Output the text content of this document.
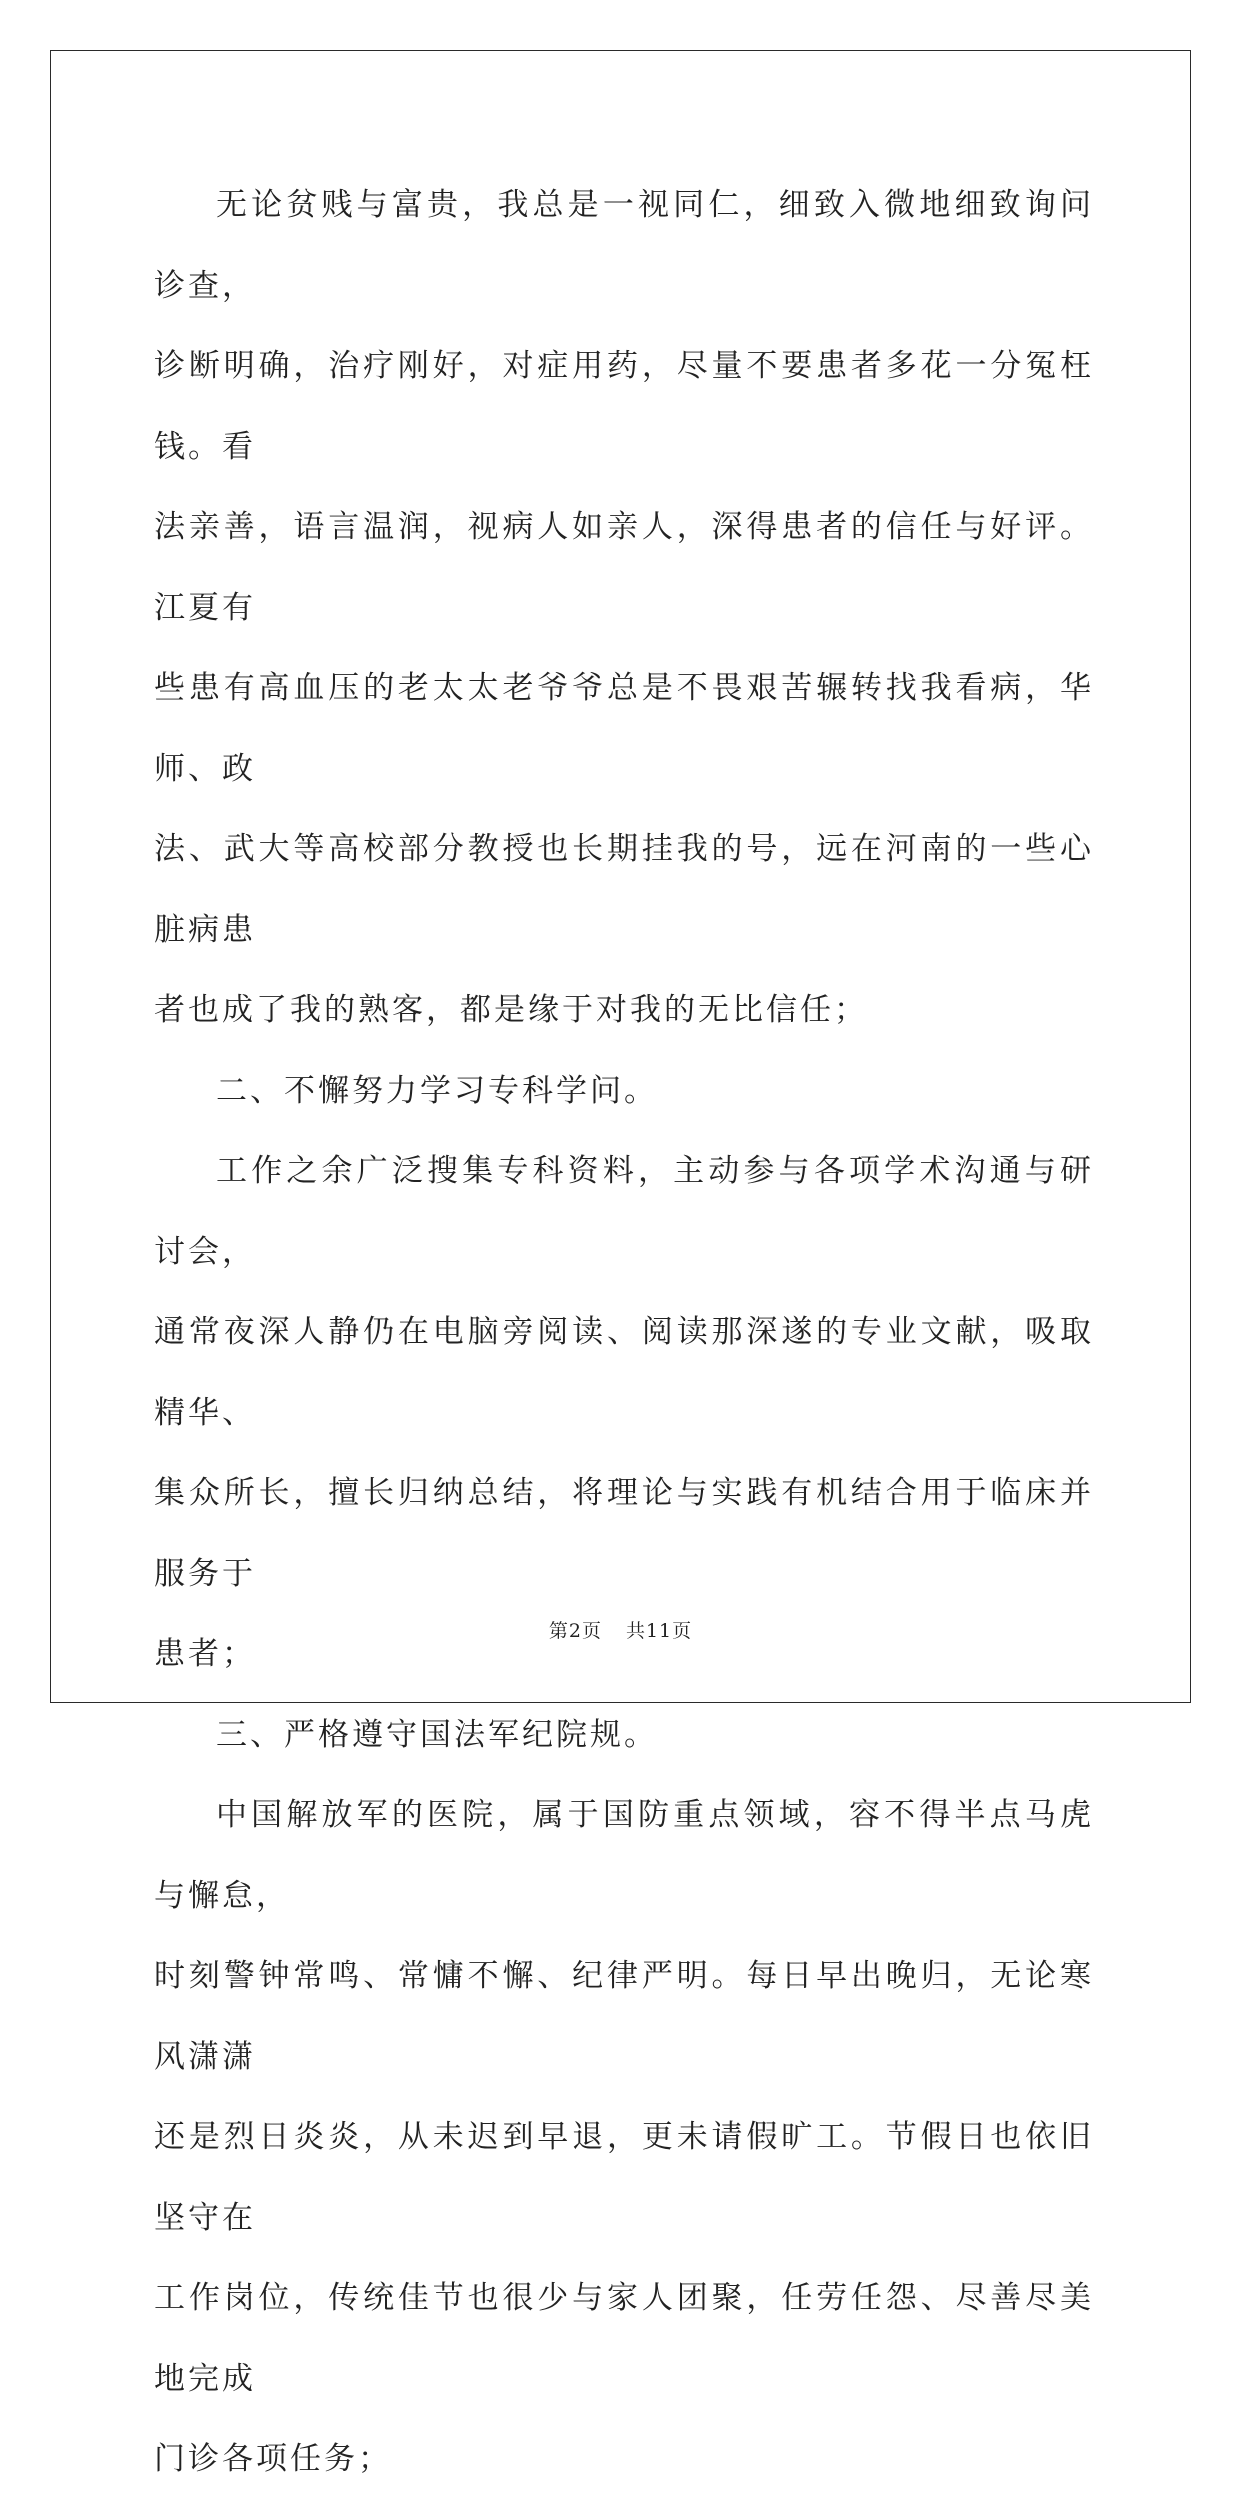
无论贫贱与富贵，我总是一视同仁，细致入微地细致询问诊查，

诊断明确，治疗刚好，对症用药，尽量不要患者多花一分冤枉钱。看

法亲善，语言温润，视病人如亲人，深得患者的信任与好评。江夏有

些患有高血压的老太太老爷爷总是不畏艰苦辗转找我看病，华师、政

法、武大等高校部分教授也长期挂我的号，远在河南的一些心脏病患

者也成了我的熟客，都是缘于对我的无比信任；

二、不懈努力学习专科学问。

工作之余广泛搜集专科资料，主动参与各项学术沟通与研讨会，

通常夜深人静仍在电脑旁阅读、阅读那深遂的专业文献，吸取精华、

集众所长，擅长归纳总结，将理论与实践有机结合用于临床并服务于

患者；

三、严格遵守国法军纪院规。

中国解放军的医院，属于国防重点领域，容不得半点马虎与懈怠，

时刻警钟常鸣、常慵不懈、纪律严明。每日早出晚归，无论寒风潇潇

还是烈日炎炎，从未迟到早退，更未请假旷工。节假日也依旧坚守在

工作岗位，传统佳节也很少与家人团聚，任劳任怨、尽善尽美地完成

门诊各项任务；

第2页 共11页
